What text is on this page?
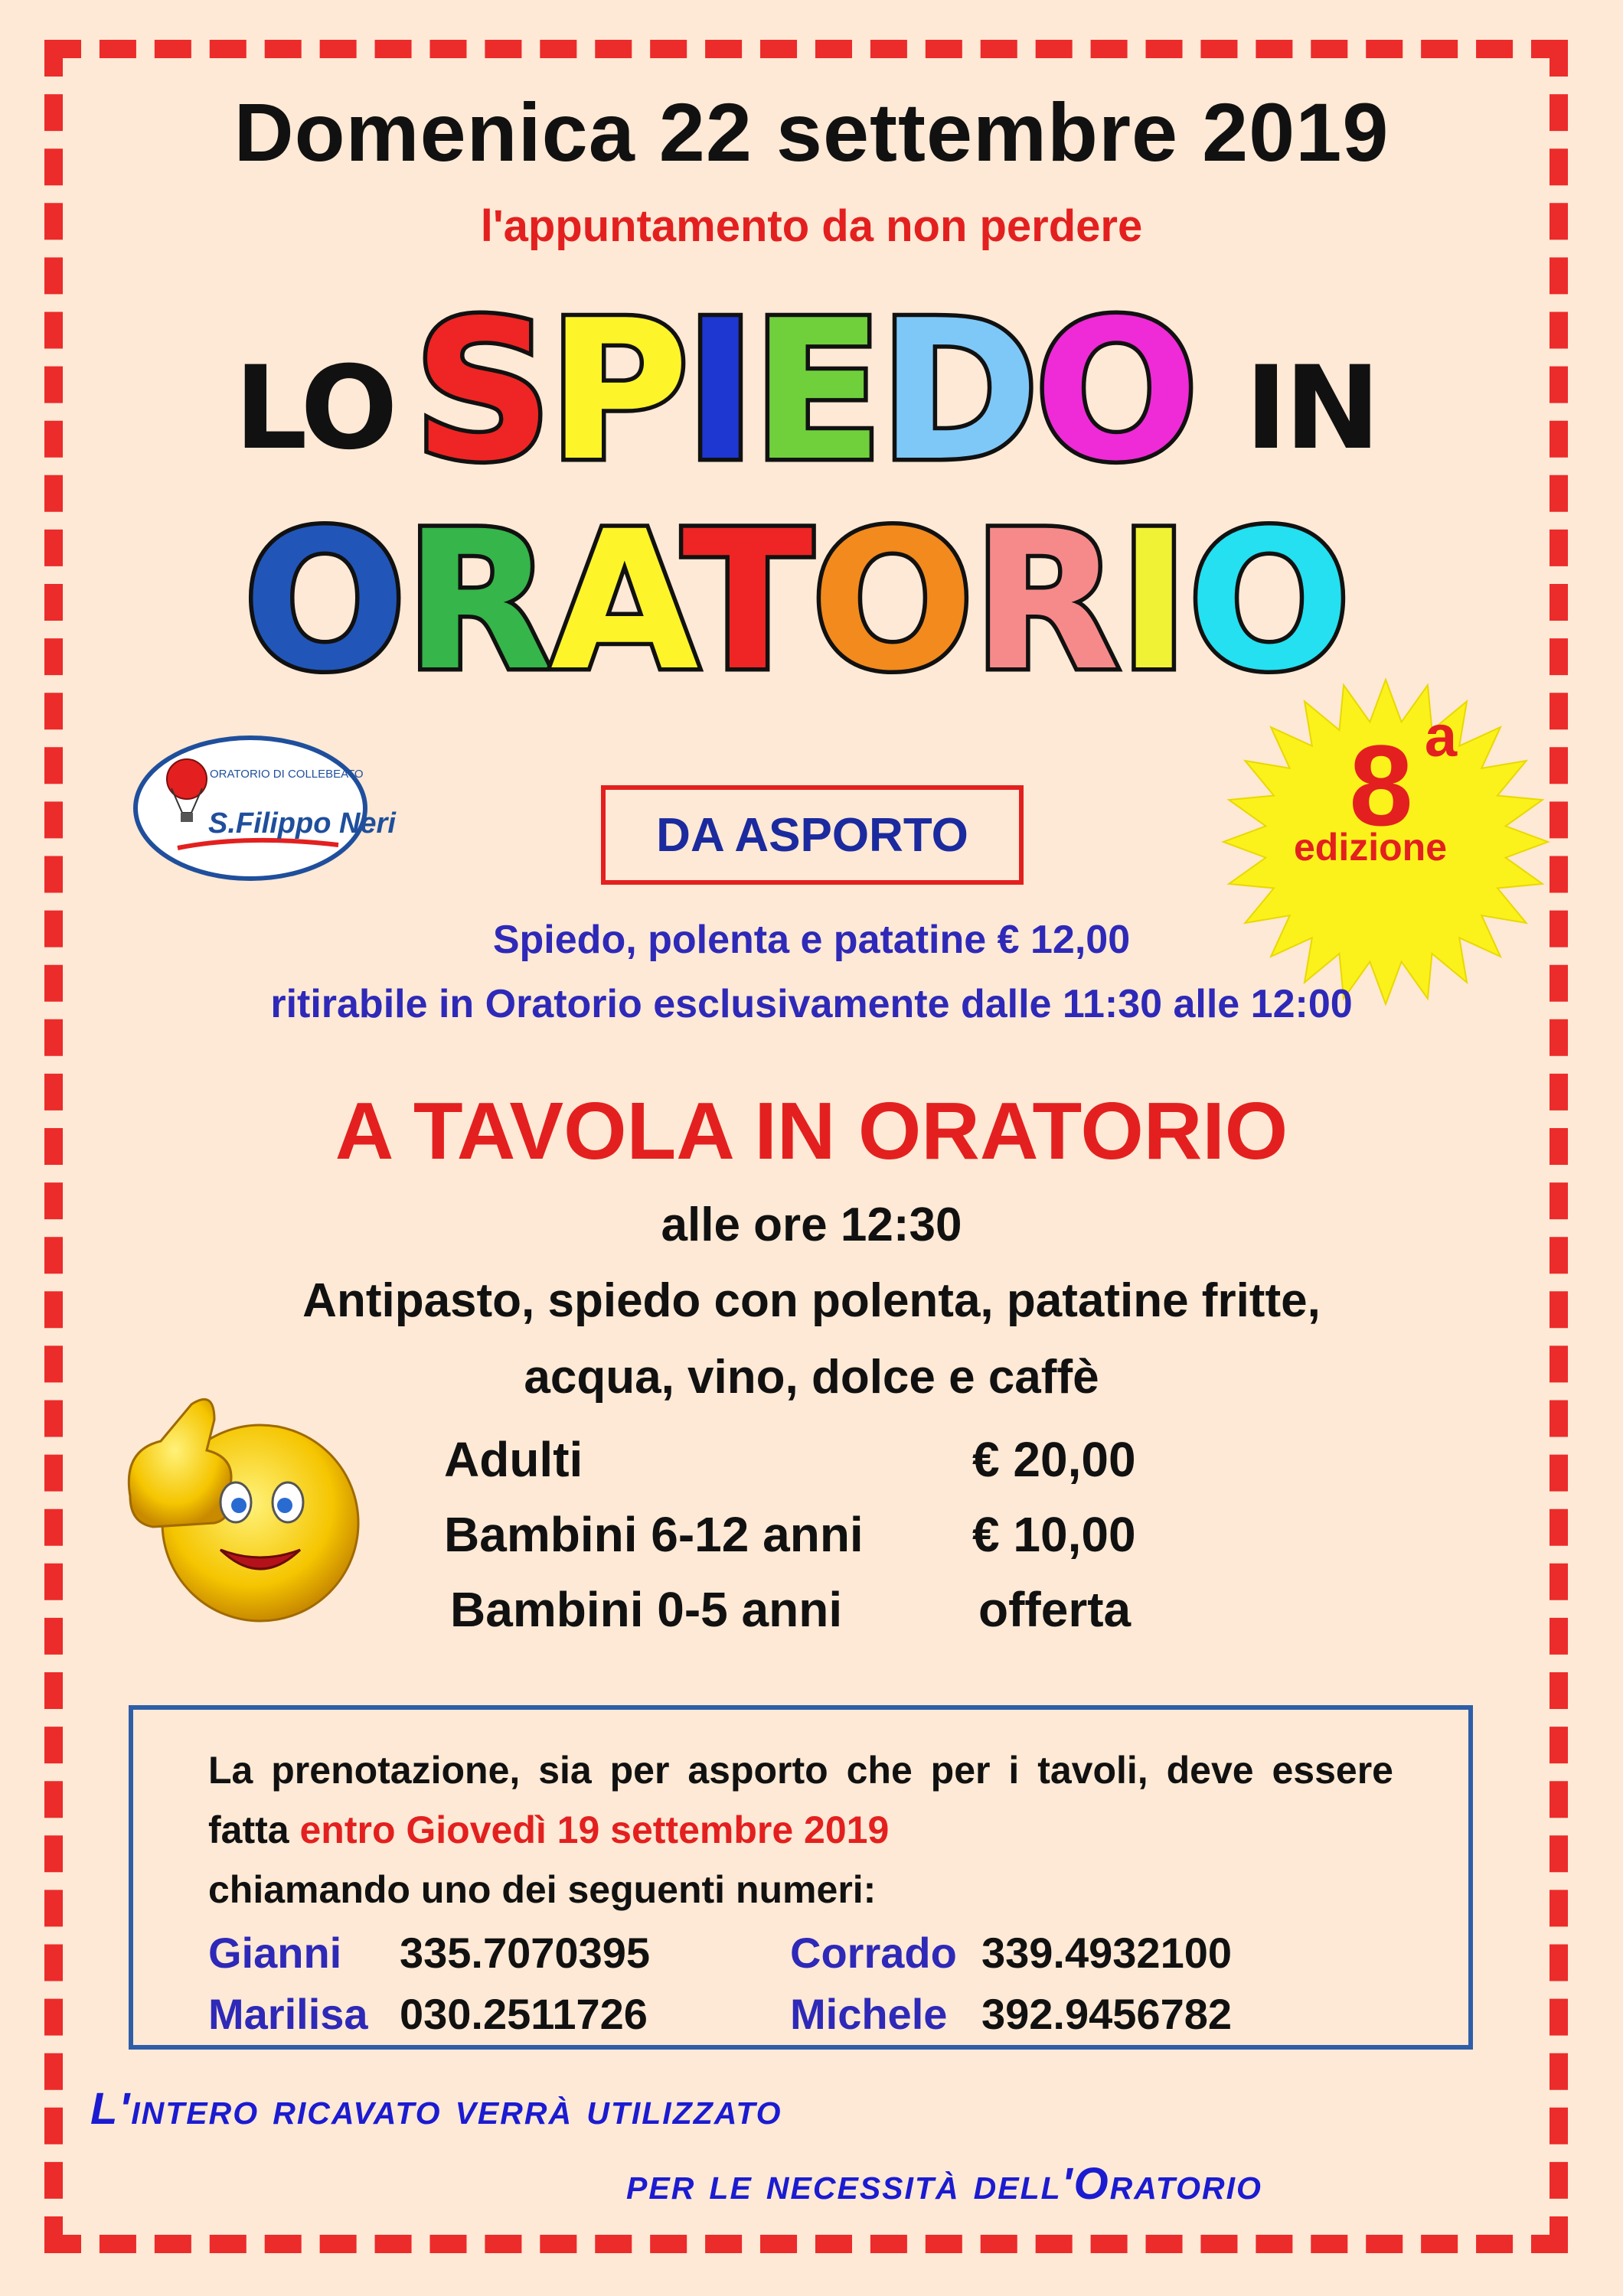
Domenica 22 settembre 2019
l'appuntamento da non perdere
LO SPIEDO IN
ORATORIO
ORATORIO DI COLLEBEATO
S.Filippo Neri	8 a
edizione
DA ASPORTO
Spiedo, polenta e patatine € 12,00
ritirabile in Oratorio esclusivamente dalle 11:30 alle 12:00
A TAVOLA IN ORATORIO
alle ore 12:30
Antipasto, spiedo con polenta, patatine fritte,
acqua, vino, dolce e caffè
Adulti	€ 20,00
Bambini 6-12 anni	€ 10,00
Bambini 0-5 anni	offerta
La prenotazione, sia per asporto che per i tavoli, deve essere fatta entro Giovedì 19 settembre 2019
chiamando uno dei seguenti numeri:
Gianni	335.7070395	Corrado 339.4932100
Marilisa 030.2511726	Michele 392.9456782
L'intero ricavato verrà utilizzato
per le necessità dell'Oratorio
